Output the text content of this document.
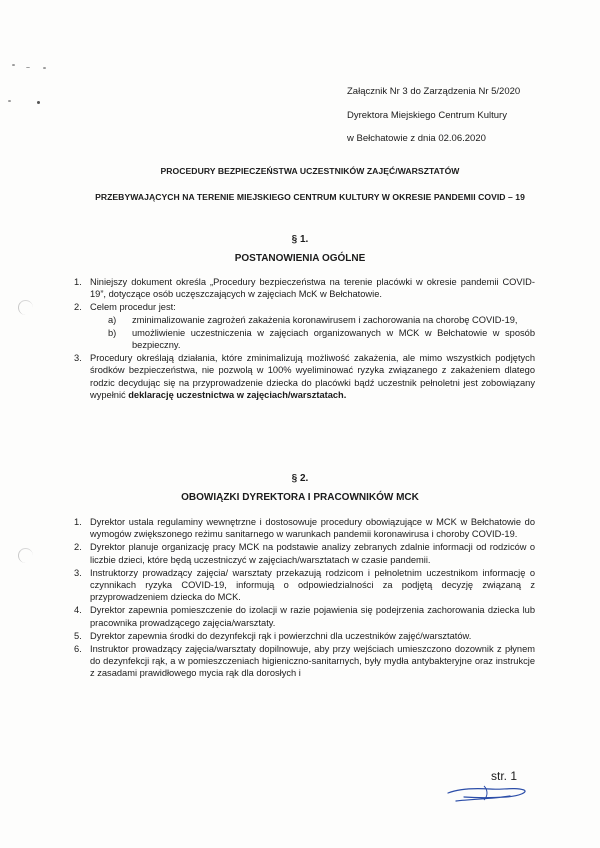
Załącznik Nr 3 do Zarządzenia Nr 5/2020
Dyrektora Miejskiego Centrum Kultury
w Bełchatowie z dnia 02.06.2020
PROCEDURY BEZPIECZEŃSTWA UCZESTNIKÓW ZAJĘĆ/WARSZTATÓW
PRZEBYWAJĄCYCH NA TERENIE MIEJSKIEGO CENTRUM KULTURY W OKRESIE PANDEMII COVID – 19
§ 1.
POSTANOWIENIA OGÓLNE
1. Niniejszy dokument określa „Procedury bezpieczeństwa na terenie placówki w okresie pandemii COVID-19”, dotyczące osób uczęszczających w zajęciach McK w Bełchatowie.
2. Celem procedur jest:
a) zminimalizowanie zagrożeń zakażenia koronawirusem i zachorowania na chorobę COVID-19,
b) umożliwienie uczestniczenia w zajęciach organizowanych w MCK w Bełchatowie w sposób bezpieczny.
3. Procedury określają działania, które zminimalizują możliwość zakażenia, ale mimo wszystkich podjętych środków bezpieczeństwa, nie pozwolą w 100% wyeliminować ryzyka związanego z zakażeniem dlatego rodzic decydując się na przyprowadzenie dziecka do placówki bądź uczestnik pełnoletni jest zobowiązany wypełnić deklarację uczestnictwa w zajęciach/warsztatach.
§ 2.
OBOWIĄZKI DYREKTORA I PRACOWNIKÓW MCK
1. Dyrektor ustala regulaminy wewnętrzne i dostosowuje procedury obowiązujące w MCK w Bełchatowie do wymogów zwiększonego reżimu sanitarnego w warunkach pandemii koronawirusa i choroby COVID-19.
2. Dyrektor planuje organizację pracy MCK na podstawie analizy zebranych zdalnie informacji od rodziców o liczbie dzieci, które będą uczestniczyć w zajęciach/warsztatach w czasie pandemii.
3. Instruktorzy prowadzący zajęcia/ warsztaty przekazują rodzicom i pełnoletnim uczestnikom informację o czynnikach ryzyka COVID-19, informują o odpowiedzialności za podjętą decyzję związaną z przyprowadzeniem dziecka do MCK.
4. Dyrektor zapewnia pomieszczenie do izolacji w razie pojawienia się podejrzenia zachorowania dziecka lub pracownika prowadzącego zajęcia/warsztaty.
5. Dyrektor zapewnia środki do dezynfekcji rąk i powierzchni dla uczestników zajęć/warsztatów.
6. Instruktor prowadzący zajęcia/warsztaty dopilnowuje, aby przy wejściach umieszczono dozownik z płynem do dezynfekcji rąk, a w pomieszczeniach higieniczno-sanitarnych, były mydła antybakteryjne oraz instrukcje z zasadami prawidłowego mycia rąk dla dorosłych i
str. 1
